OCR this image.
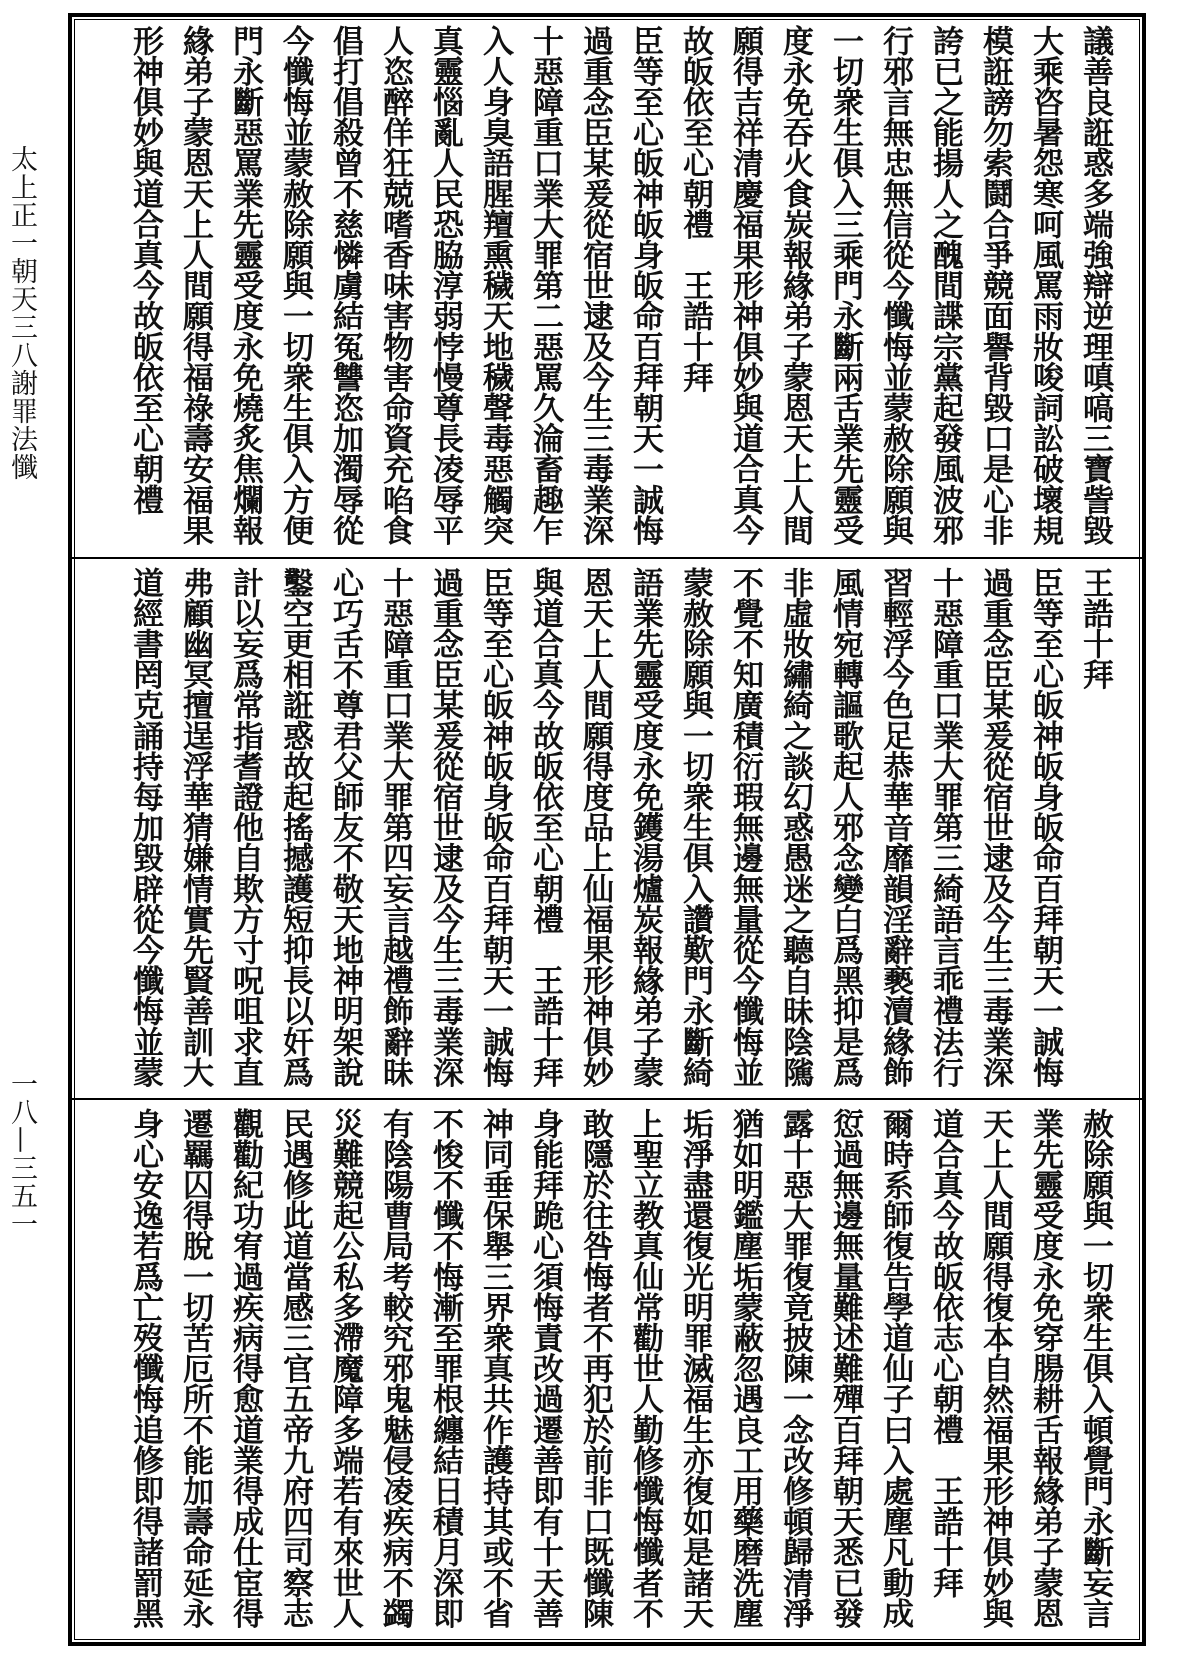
太上正一朝天三八謝罪法懺
一八—三五一
議善良誑惑多端強辯逆理嗔嗃三寶訾毀
大乘咨暑怨寒呵風罵雨妝唆詞訟破壞規
模誑謗勿索鬪合爭競面譽背毀口是心非
誇已之能揚人之醜間諜宗黨起發風波邪
行邪言無忠無信從今懺悔並蒙赦除願與
一切衆生俱入三乘門永斷兩舌業先靈受
度永免吞火食炭報緣弟子蒙恩天上人間
願得吉祥清慶福果形神俱妙與道合真今
故皈依至心朝禮　王誥十拜
臣等至心皈神皈身皈命百拜朝天一誠悔
過重念臣某爰從宿世逮及今生三毒業深
十惡障重口業大罪第二惡罵久淪畜趣乍
入人身臭語腥羶熏穢天地穢聲毒惡觸突
真靈惱亂人民恐脇淳弱悖慢尊長凌辱平
人恣醉佯狂兢嗜香味害物害命資充啗食
倡打倡殺曾不慈憐虜結冤讐恣加濁辱從
今懺悔並蒙赦除願與一切衆生俱入方便
門永斷惡罵業先靈受度永免燒炙焦爛報
緣弟子蒙恩天上人間願得福祿壽安福果
形神俱妙與道合真今故皈依至心朝禮
王誥十拜
臣等至心皈神皈身皈命百拜朝天一誠悔
過重念臣某爰從宿世逮及今生三毒業深
十惡障重口業大罪第三綺語言乖禮法行
習輕浮今色足恭華音靡韻淫辭褻瀆緣飾
風情宛轉謳歌起人邪念變白爲黑抑是爲
非虛妝繡綺之談幻惑愚迷之聽自昧陰隲
不覺不知廣積衍瑕無邊無量從今懺悔並
蒙赦除願與一切衆生俱入讚歎門永斷綺
語業先靈受度永免鑊湯爐炭報緣弟子蒙
恩天上人間願得度品上仙福果形神俱妙
與道合真今故皈依至心朝禮　王誥十拜
臣等至心皈神皈身皈命百拜朝天一誠悔
過重念臣某爰從宿世逮及今生三毒業深
十惡障重口業大罪第四妄言越禮飾辭昧
心巧舌不尊君父師友不敬天地神明架說
鑿空更相誑惑故起搖撼護短抑長以奸爲
計以妄爲常指耆證他自欺方寸呪咀求直
弗顧幽冥擅逞浮華猜嫌情實先賢善訓大
道經書罔克誦持每加毀辟從今懺悔並蒙
赦除願與一切衆生俱入頓覺門永斷妄言
業先靈受度永免穿腸耕舌報緣弟子蒙恩
天上人間願得復本自然福果形神俱妙與
道合真今故皈依志心朝禮　王誥十拜
爾時系師復告學道仙子曰入處塵凡動成
愆過無邊無量難述難殫百拜朝天悉已發
露十惡大罪復竟披陳一念改修頓歸清淨
猶如明鑑塵垢蒙蔽忽遇良工用藥磨洗塵
垢淨盡還復光明罪滅福生亦復如是諸天
上聖立教真仙常勸世人勤修懺悔懺者不
敢隱於往咎悔者不再犯於前非口既懺陳
身能拜跪心須悔責改過遷善即有十天善
神同垂保舉三界衆真共作護持其或不省
不悛不懺不悔漸至罪根纏結日積月深即
有陰陽曹局考較究邪鬼魅侵凌疾病不蠲
災難競起公私多滯魔障多端若有來世人
民遇修此道當感三官五帝九府四司察志
觀勸紀功宥過疾病得愈道業得成仕宦得
遷羈囚得脫一切苦厄所不能加壽命延永
身心安逸若爲亡歿懺悔追修即得諸罰黑
